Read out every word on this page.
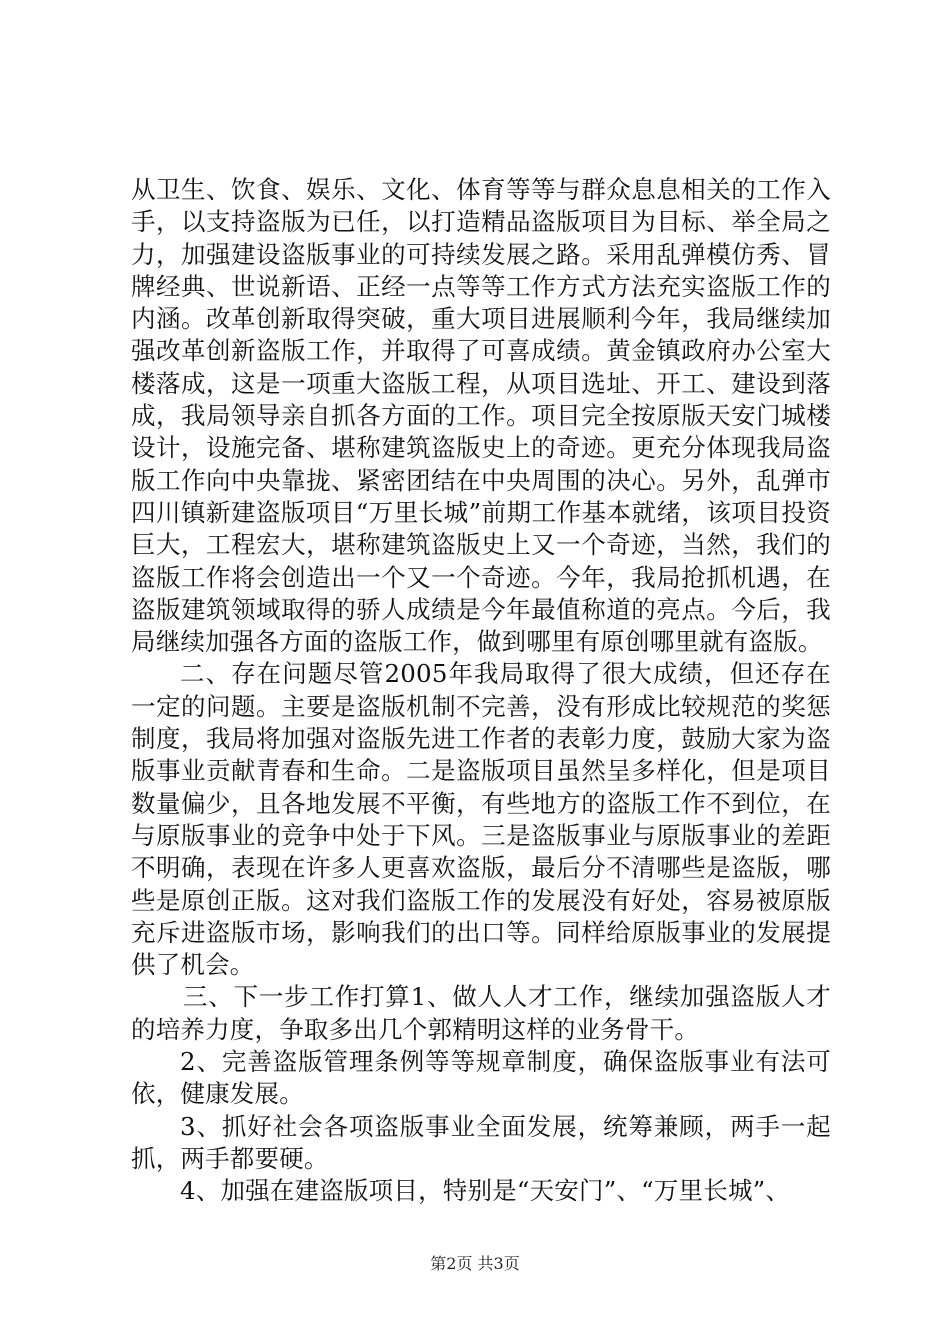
从卫生、饮食、娱乐、文化、体育等等与群众息息相关的工作入手，以支持盗版为已任，以打造精品盗版项目为目标、举全局之力，加强建设盗版事业的可持续发展之路。采用乱弹模仿秀、冒牌经典、世说新语、正经一点等等工作方式方法充实盗版工作的内涵。改革创新取得突破，重大项目进展顺利今年，我局继续加强改革创新盗版工作，并取得了可喜成绩。黄金镇政府办公室大楼落成，这是一项重大盗版工程，从项目选址、开工、建设到落成，我局领导亲自抓各方面的工作。项目完全按原版天安门城楼设计，设施完备、堪称建筑盗版史上的奇迹。更充分体现我局盗版工作向中央靠拢、紧密团结在中央周围的决心。另外，乱弹市四川镇新建盗版项目“万里长城”前期工作基本就绪，该项目投资巨大，工程宏大，堪称建筑盗版史上又一个奇迹，当然，我们的盗版工作将会创造出一个又一个奇迹。今年，我局抢抓机遇，在盗版建筑领域取得的骄人成绩是今年最值称道的亮点。今后，我局继续加强各方面的盗版工作，做到哪里有原创哪里就有盗版。

二、存在问题尽管2005年我局取得了很大成绩，但还存在一定的问题。主要是盗版机制不完善，没有形成比较规范的奖惩制度，我局将加强对盗版先进工作者的表彰力度，鼓励大家为盗版事业贡献青春和生命。二是盗版项目虽然呈多样化，但是项目数量偏少，且各地发展不平衡，有些地方的盗版工作不到位，在与原版事业的竞争中处于下风。三是盗版事业与原版事业的差距不明确，表现在许多人更喜欢盗版，最后分不清哪些是盗版，哪些是原创正版。这对我们盗版工作的发展没有好处，容易被原版充斥进盗版市场，影响我们的出口等。同样给原版事业的发展提供了机会。

三、下一步工作打算1、做人人才工作，继续加强盗版人才的培养力度，争取多出几个郭精明这样的业务骨干。

2、完善盗版管理条例等等规章制度，确保盗版事业有法可依，健康发展。

3、抓好社会各项盗版事业全面发展，统筹兼顾，两手一起抓，两手都要硬。

4、加强在建盗版项目，特别是“天安门”、“万里长城”、

第2页 共3页
